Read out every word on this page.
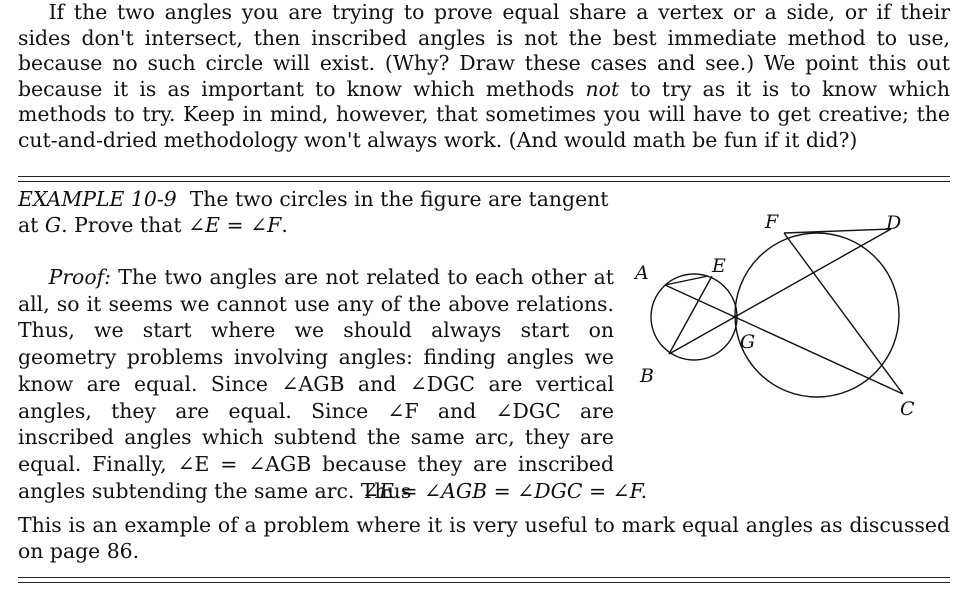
If the two angles you are trying to prove equal share a vertex or a side, or if their sides don't intersect, then inscribed angles is not the best immediate method to use, because no such circle will exist. (Why? Draw these cases and see.) We point this out because it is as important to know which methods not to try as it is to know which methods to try. Keep in mind, however, that sometimes you will have to get creative; the cut-and-dried methodology won't always work. (And would math be fun if it did?)

EXAMPLE 10-9 The two circles in the figure are tangent at G. Prove that ∠E = ∠F.

Proof: The two angles are not related to each other at all, so it seems we cannot use any of the above relations. Thus, we start where we should always start on geometry problems involving angles: finding angles we know are equal. Since ∠AGB and ∠DGC are vertical angles, they are equal. Since ∠F and ∠DGC are inscribed angles which subtend the same arc, they are equal. Finally, ∠E = ∠AGB because they are inscribed angles subtending the same arc. Thus

∠E = ∠AGB = ∠DGC = ∠F.

This is an example of a problem where it is very useful to mark equal angles as discussed on page 86.

A	E
F	D
G
B
C
